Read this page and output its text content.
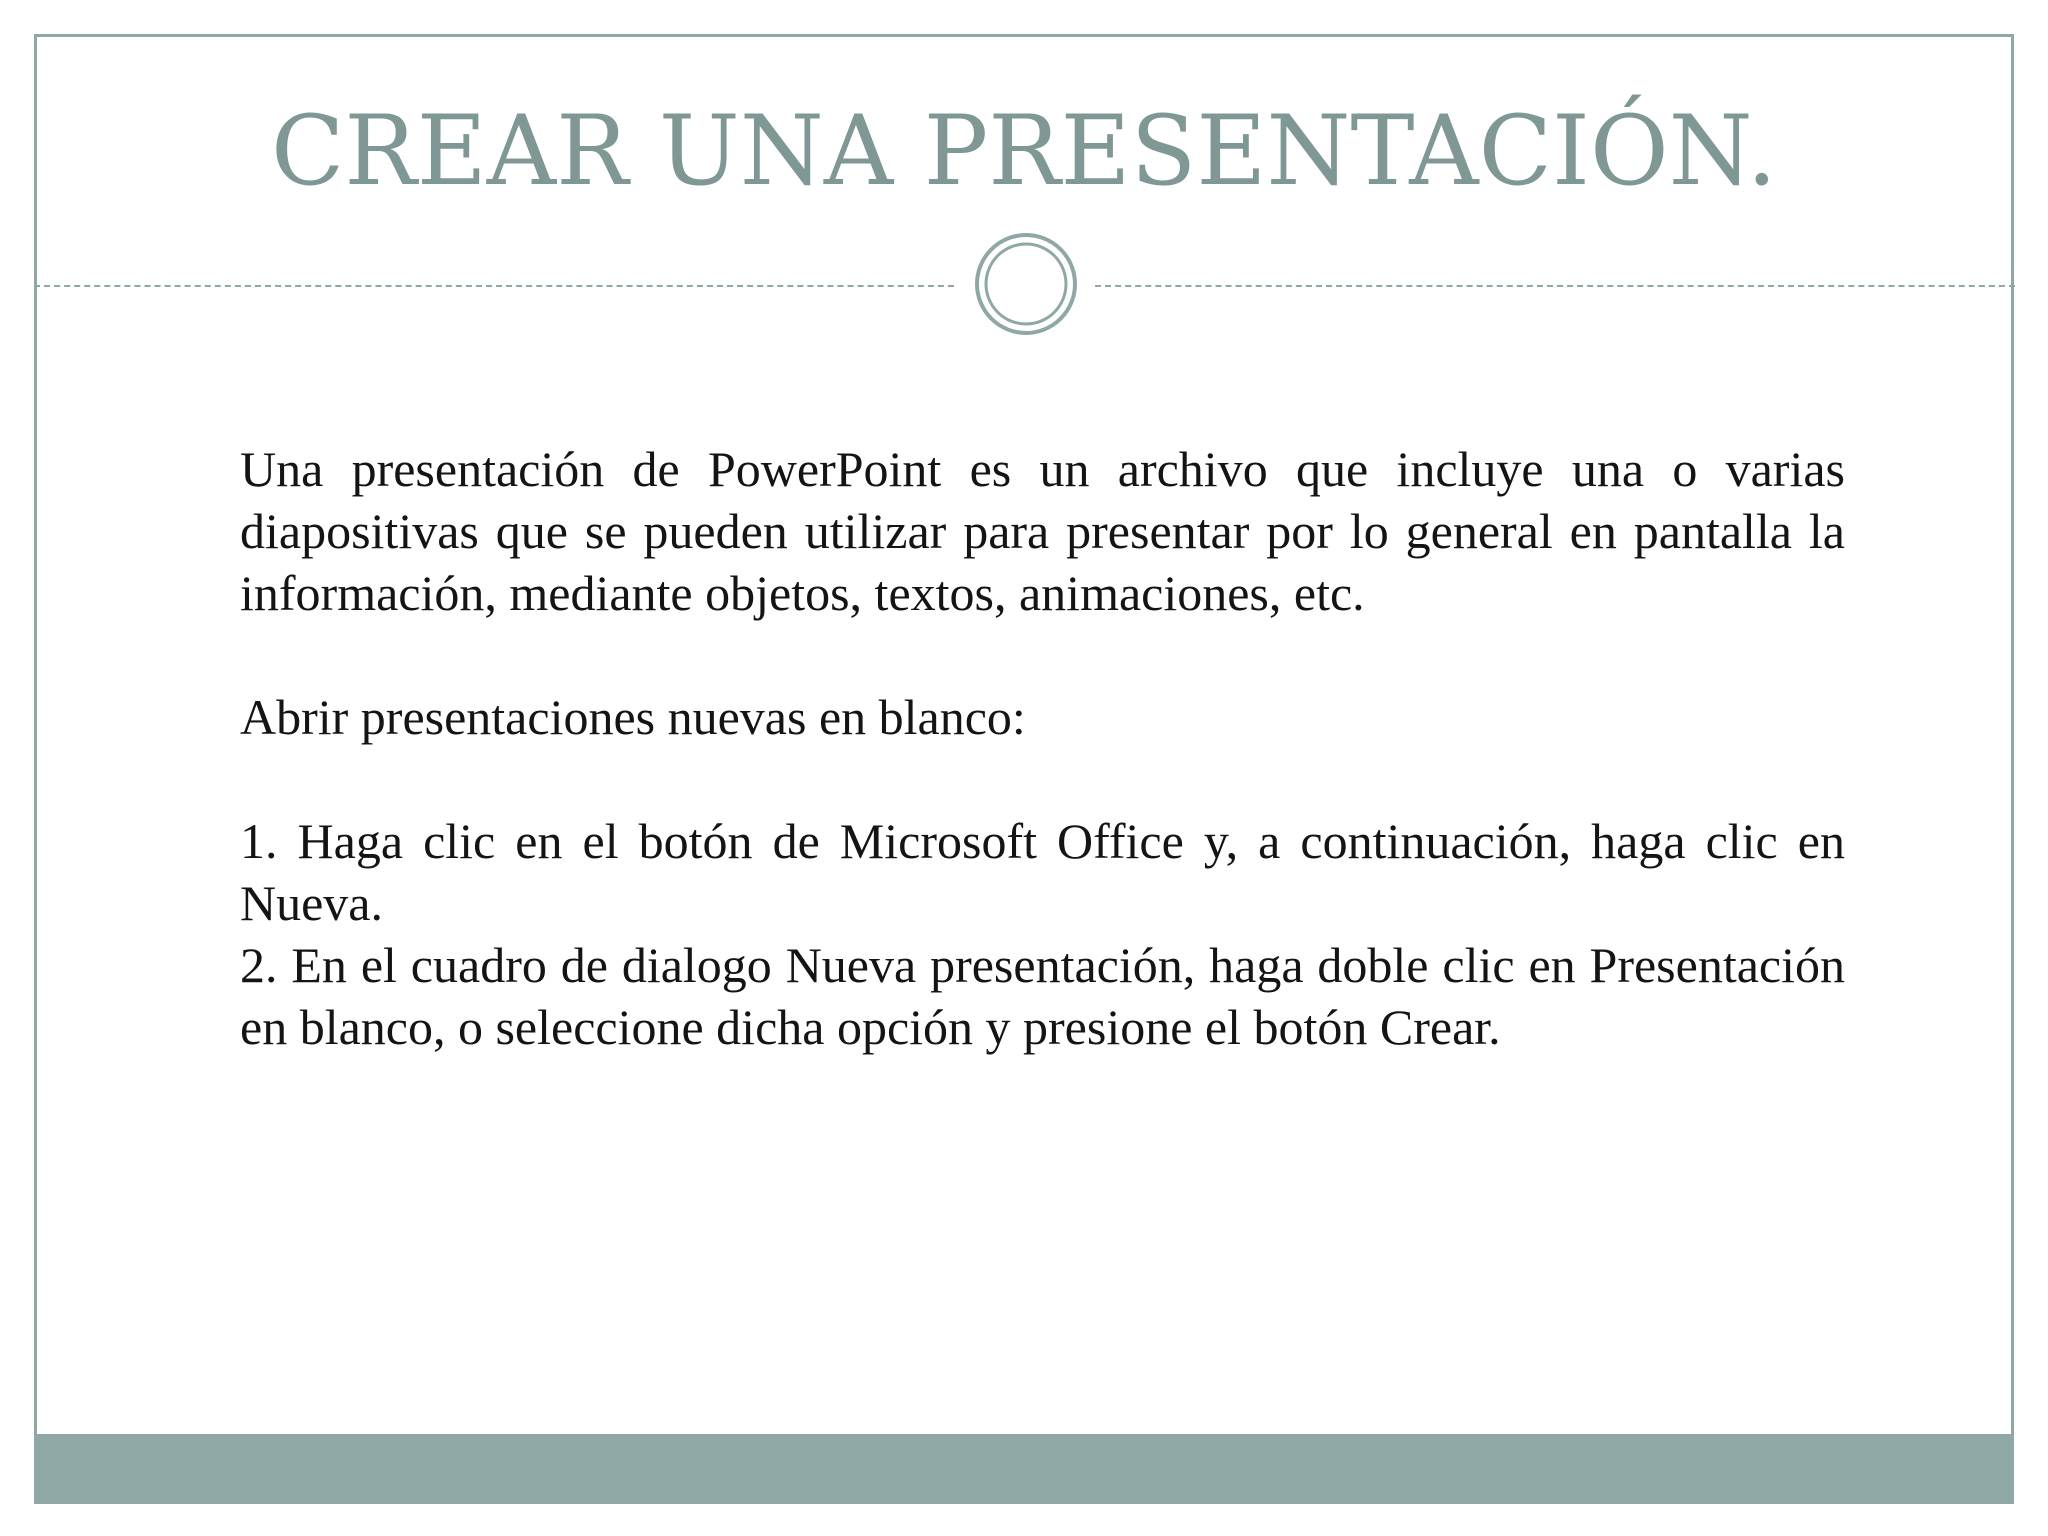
CREAR UNA PRESENTACIÓN.

Una presentación de PowerPoint es un archivo que incluye una o varias diapositivas que se pueden utilizar para presentar por lo general en pantalla la información, mediante objetos, textos, animaciones, etc.

Abrir presentaciones nuevas en blanco:

1. Haga clic en el botón de Microsoft Office y, a continuación, haga clic en Nueva.

2. En el cuadro de dialogo Nueva presentación, haga doble clic en Presentación en blanco, o seleccione dicha opción y presione el botón Crear.
